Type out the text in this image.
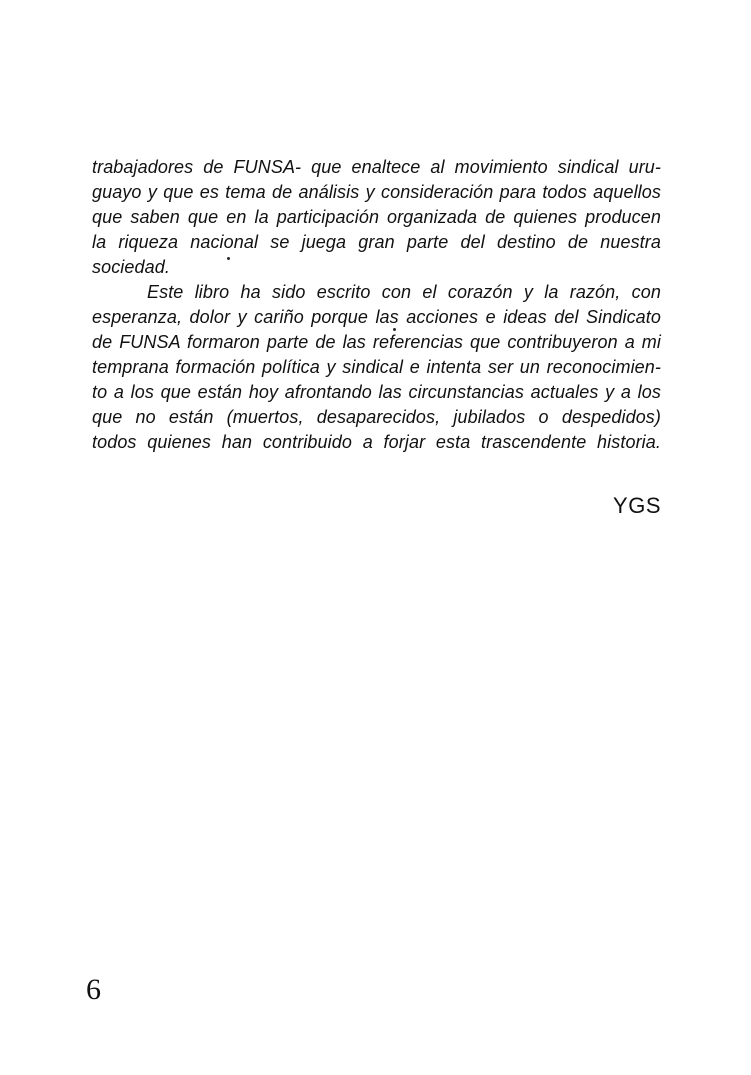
trabajadores de FUNSA- que enaltece al movimiento sindical uru-
guayo y que es tema de análisis y consideración para todos aquellos
que saben que en la participación organizada de quienes producen
la riqueza nacional se juega gran parte del destino de nuestra
sociedad.
Este libro ha sido escrito con el corazón y la razón, con
esperanza, dolor y cariño porque las acciones e ideas del Sindicato
de FUNSA formaron parte de las referencias que contribuyeron a mi
temprana formación política y sindical e intenta ser un reconocimien-
to a los que están hoy afrontando las circunstancias actuales y a los
que no están (muertos, desaparecidos, jubilados o despedidos)
todos quienes han contribuido a forjar esta trascendente historia.
YGS
6
